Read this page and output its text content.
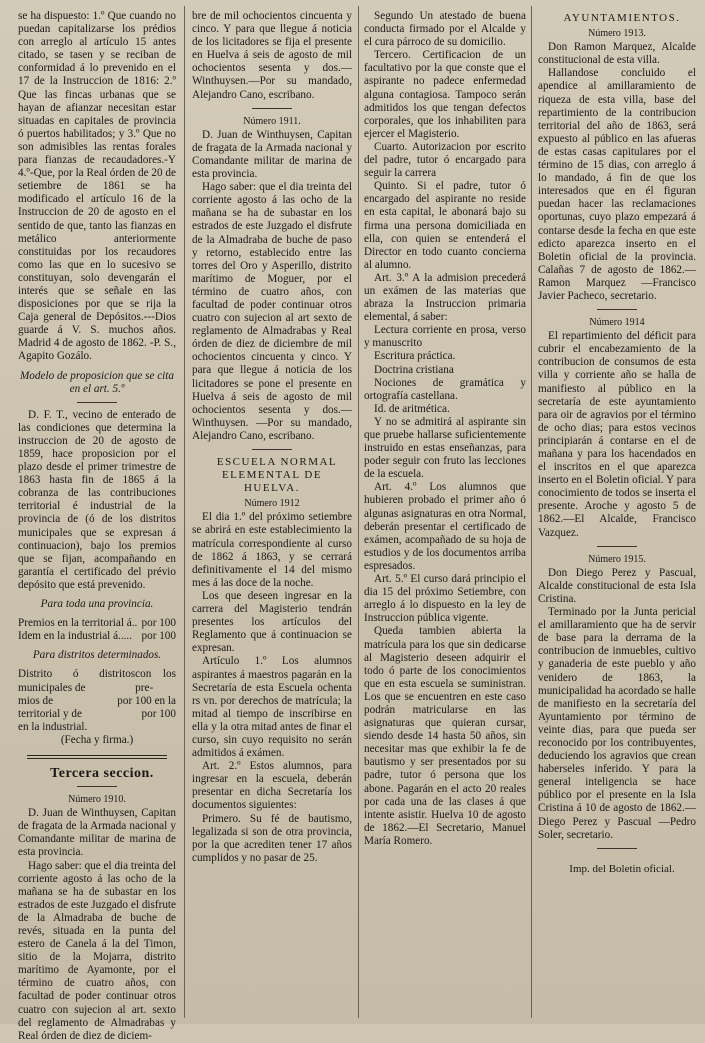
se ha dispuesto: 1.º Que cuando no puedan capitalizarse los prédios con arreglo al artículo 15 antes citado, se tasen y se reciban de conformidad á lo prevenido en el 17 de la Instruccion de 1816: 2.º Que las fincas urbanas que se hayan de afianzar necesitan estar situadas en capitales de provincia ó puertos habilitados; y 3.º Que no son admisibles las rentas forales para fianzas de recaudadores.-Y 4.º-Que, por la Real órden de 20 de setiembre de 1861 se ha modificado el artículo 16 de la Instruccion de 20 de agosto en el sentido de que, tanto las fianzas en metálico anteriormente constituidas por los recaudores como las que en lo sucesivo se constituyan, solo devengarán el interés que se señale en las disposiciones por que se rija la Caja general de Depósitos.---Dios guarde á V. S. muchos años. Madrid 4 de agosto de 1862. -P. S., Agapito Gozálo.

Modelo de proposicion que se cita en el art. 5.º

D. F. T., vecino de enterado de las condiciones que determina la instruccion de 20 de agosto de 1859, hace proposicion por el plazo desde el primer trimestre de 1863 hasta fin de 1865 á la cobranza de las contribuciones territorial é industrial de la provincia de (ó de los distritos municipales que se expresan á continuacion), bajo los premios que se fijan, acompañando en garantía el certificado del prévio depósito que está prevenido.

Para toda una provincia.

Premios en la territorial á.. por 100
Idem en la industrial á..... por 100

Para distritos determinados.

Distrito ó distritos municipales de
con los pre-
mios de	por 100 en la
territorial y de	por 100
en la industrial.

(Fecha y firma.)

Tercera seccion.

Número 1910.

D. Juan de Winthuysen, Capitan de fragata de la Armada nacional y Comandante militar de marina de esta provincia.

Hago saber: que el dia treinta del corriente agosto á las ocho de la mañana se ha de subastar en los estrados de este Juzgado el disfrute de la Almadraba de buche de revés, situada en la punta del estero de Canela á la del Timon, sitio de la Mojarra, distrito marítimo de Ayamonte, por el término de cuatro años, con facultad de poder continuar otros cuatro con sujecion al art. sexto del reglamento de Almadrabas y Real órden de diez de diciem-

bre de mil ochocientos cincuenta y cinco. Y para que llegue á noticia de los licitadores se fija el presente en Huelva á seis de agosto de mil ochocientos sesenta y dos.— Winthuysen.—Por su mandado, Alejandro Cano, escribano.

Número 1911.

D. Juan de Winthuysen, Capitan de fragata de la Armada nacional y Comandante militar de marina de esta provincia.

Hago saber: que el dia treinta del corriente agosto á las ocho de la mañana se ha de subastar en los estrados de este Juzgado el disfrute de la Almadraba de buche de paso y retorno, establecido entre las torres del Oro y Asperillo, distrito marítimo de Moguer, por el término de cuatro años, con facultad de poder continuar otros cuatro con sujecion al art sexto de reglamento de Almadrabas y Real órden de diez de diciembre de mil ochocientos cincuenta y cinco. Y para que llegue á noticia de los licitadores se pone el presente en Huelva á seis de agosto de mil ochocientos sesenta y dos.—Winthuysen. —Por su mandado, Alejandro Cano, escribano.

ESCUELA NORMAL ELEMENTAL DE HUELVA.

Número 1912

El dia 1.º del próximo setiembre se abrirá en este establecimiento la matrícula correspondiente al curso de 1862 á 1863, y se cerrará definitivamente el 14 del mismo mes á las doce de la noche.

Los que deseen ingresar en la carrera del Magisterio tendrán presentes los artículos del Reglamento que á continuacion se expresan.

Artículo 1.º Los alumnos aspirantes á maestros pagarán en la Secretaría de esta Escuela ochenta rs vn. por derechos de matrícula; la mitad al tiempo de inscribirse en ella y la otra mitad antes de finar el curso, sin cuyo requisito no serán admitidos á exámen.

Art. 2.º Estos alumnos, para ingresar en la escuela, deberán presentar en dicha Secretaría los documentos siguientes:

Primero. Su fé de bautismo, legalizada si son de otra provincia, por la que acrediten tener 17 años cumplidos y no pasar de 25.

Segundo Un atestado de buena conducta firmado por el Alcalde y el cura párroco de su domicilio.

Tercero. Certificacion de un facultativo por la que conste que el aspirante no padece enfermedad alguna contagiosa. Tampoco serán admitidos los que tengan defectos corporales, que los inhabiliten para ejercer el Magisterio.

Cuarto. Autorizacion por escrito del padre, tutor ó encargado para seguir la carrera

Quinto. Si el padre, tutor ó encargado del aspirante no reside en esta capital, le abonará bajo su firma una persona domiciliada en ella, con quien se entenderá el Director en todo cuanto concierna al alumno.

Art. 3.º A la admision precederá un exámen de las materias que abraza la Instruccion primaria elemental, á saber:

Lectura corriente en prosa, verso y manuscrito

Escritura práctica.

Doctrina cristiana

Nociones de gramática y ortografía castellana.

Id. de aritmética.

Y no se admitirá al aspirante sin que pruebe hallarse suficientemente instruido en estas enseñanzas, para poder seguir con fruto las lecciones de la escuela.

Art. 4.º Los alumnos que hubieren probado el primer año ó algunas asignaturas en otra Normal, deberán presentar el certificado de exámen, acompañado de su hoja de estudios y de los documentos arriba espresados.

Art. 5.º El curso dará principio el dia 15 del próximo Setiembre, con arreglo á lo dispuesto en la ley de Instruccion pública vigente.

Queda tambien abierta la matrícula para los que sin dedicarse al Magisterio deseen adquirir el todo ó parte de los conocimientos que en esta escuela se suministran. Los que se encuentren en este caso podrán matricularse en las asignaturas que quieran cursar, siendo desde 14 hasta 50 años, sin necesitar mas que exhibir la fe de bautismo y ser presentados por su padre, tutor ó persona que los abone. Pagarán en el acto 20 reales por cada una de las clases á que intente asistir. Huelva 10 de agosto de 1862.—El Secretario, Manuel María Romero.

AYUNTAMIENTOS.

Número 1913.

Don Ramon Marquez, Alcalde constitucional de esta villa.

Hallandose concluido el apendice al amillaramiento de riqueza de esta villa, base del repartimiento de la contribucion territorial del año de 1863, será expuesto al público en las afueras de estas casas capitulares por el término de 15 dias, con arreglo á lo mandado, á fin de que los interesados que en él figuran puedan hacer las reclamaciones oportunas, cuyo plazo empezará á contarse desde la fecha en que este edicto aparezca inserto en el Boletin oficial de la provincia. Calañas 7 de agosto de 1862.—Ramon Marquez —Francisco Javier Pacheco, secretario.

Número 1914

El repartimiento del déficit para cubrir el encabezamiento de la contribucion de consumos de esta villa y corriente año se halla de manifiesto al público en la secretaría de este ayuntamiento para oir de agravios por el término de ocho dias; para estos vecinos principiarán á contarse en el de mañana y para los hacendados en el inscritos en el que aparezca inserto en el Boletin oficial. Y para conocimiento de todos se inserta el presente. Aroche y agosto 5 de 1862.—El Alcalde, Francisco Vazquez.

Número 1915.

Don Diego Perez y Pascual, Alcalde constitucional de esta Isla Cristina.

Terminado por la Junta pericial el amillaramiento que ha de servir de base para la derrama de la contribucion de inmuebles, cultivo y ganaderia de este pueblo y año venidero de 1863, la municipalidad ha acordado se halle de manifiesto en la secretaría del Ayuntamiento por término de veinte dias, para que pueda ser reconocido por los contribuyentes, deduciendo los agravios que crean haberseles inferido. Y para la general inteligencia se hace público por el presente en la Isla Cristina á 10 de agosto de 1862.—Diego Perez y Pascual —Pedro Soler, secretario.

Imp. del Boletin oficial.
